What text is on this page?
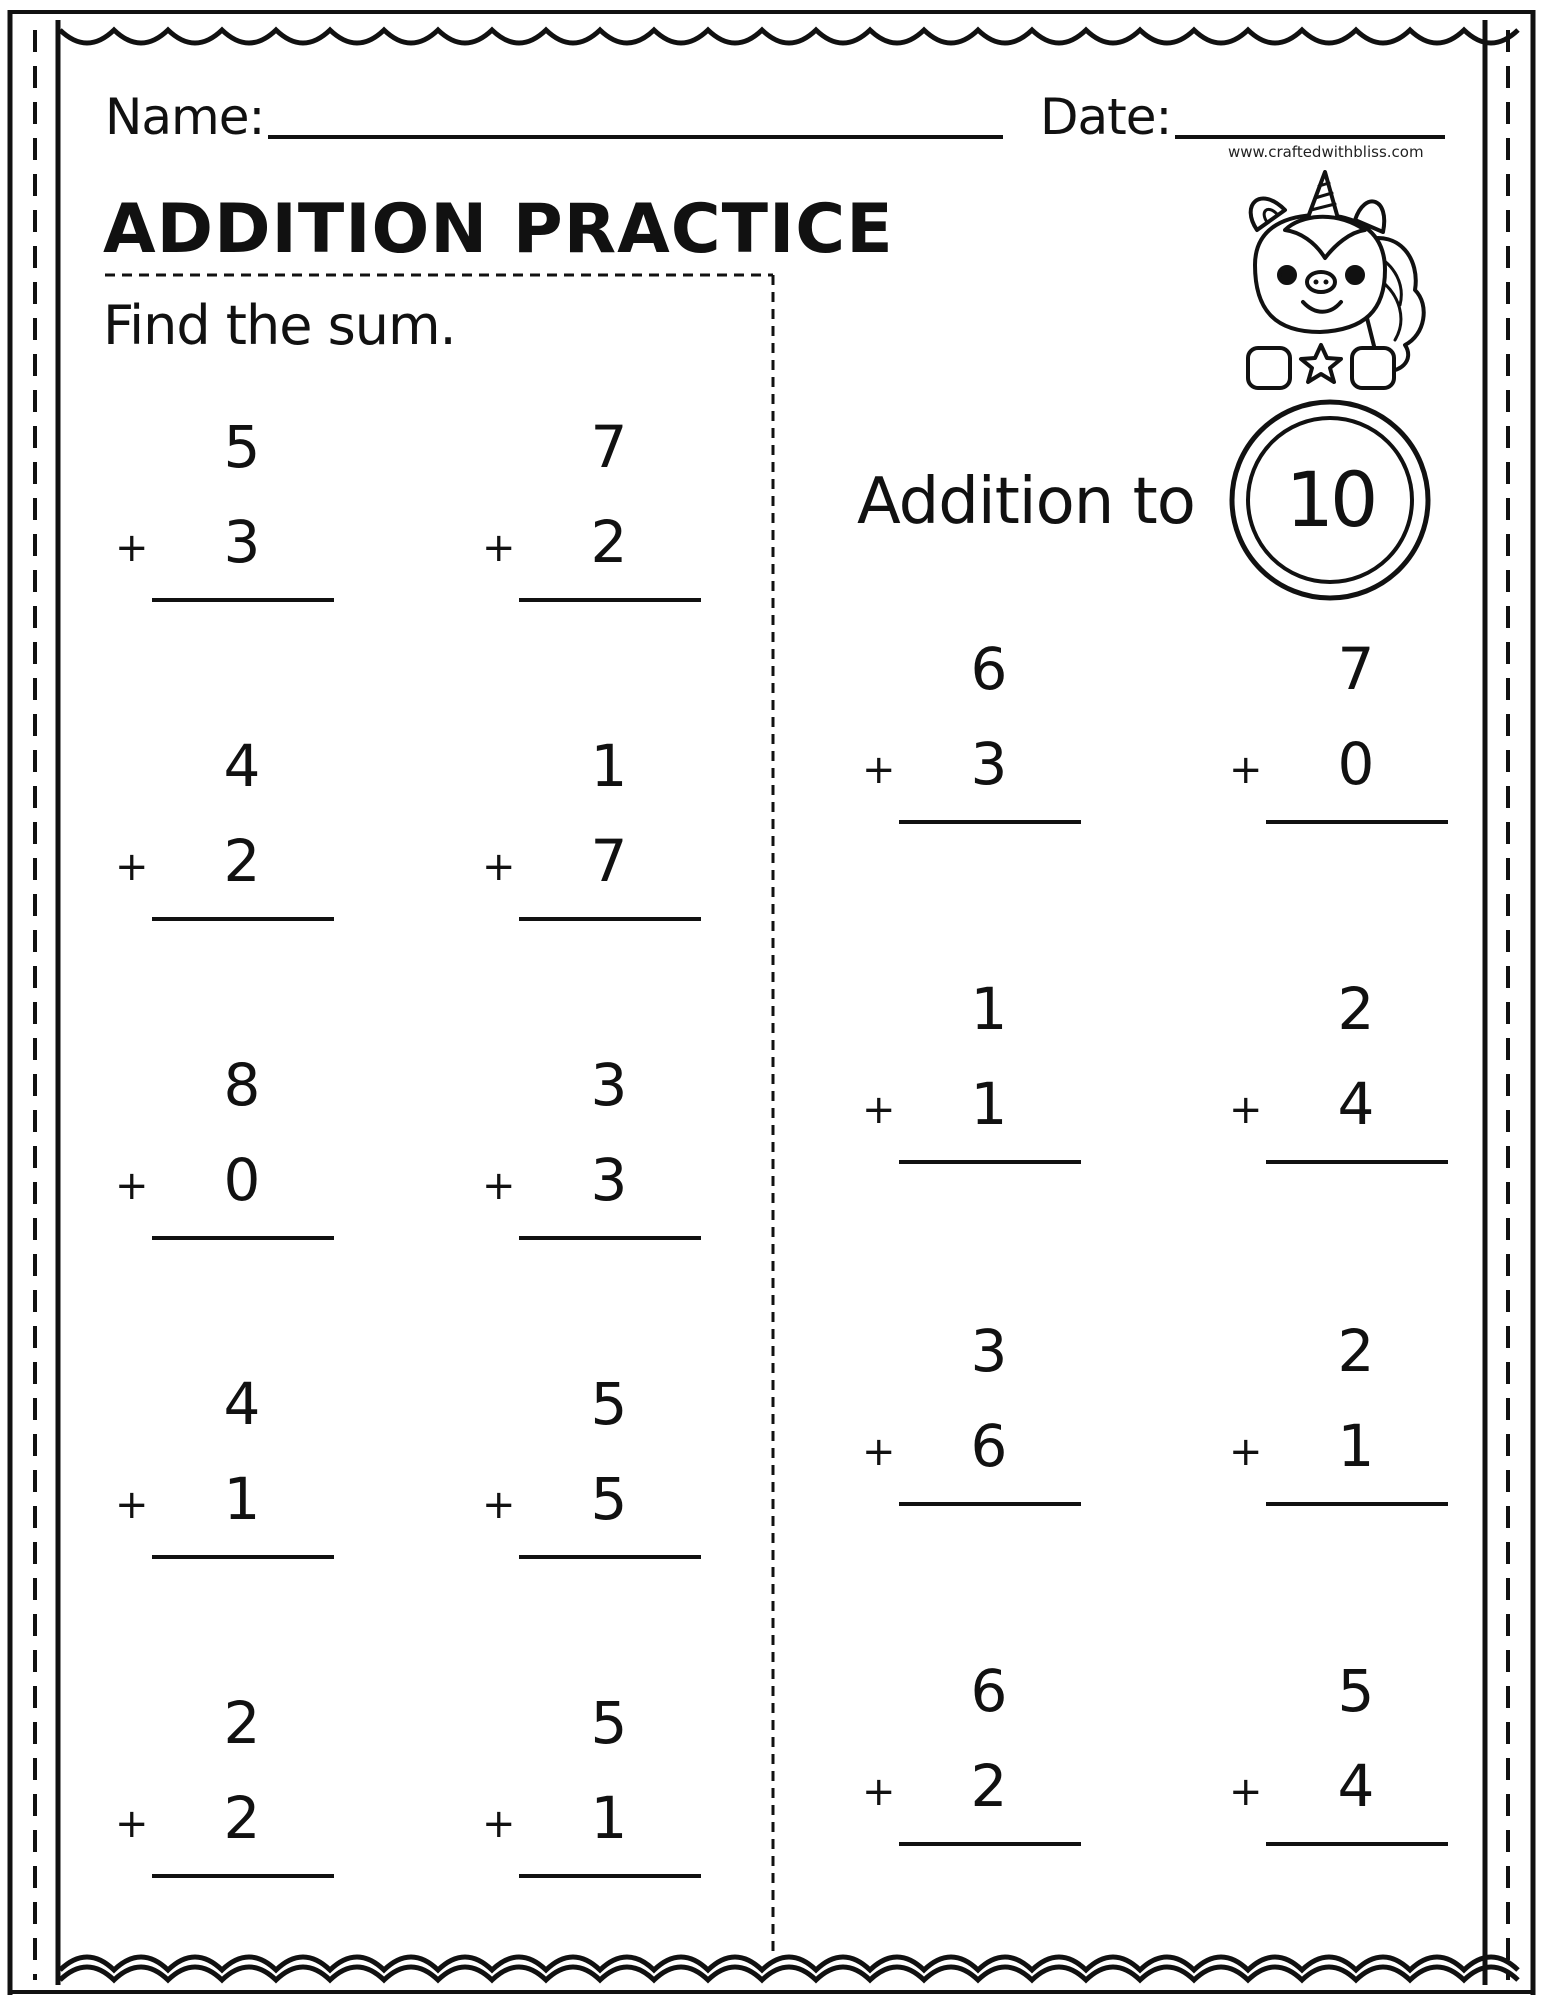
Name:	Date:
www.craftedwithbliss.com
ADDITION PRACTICE
Find the sum.
Addition to 10
5
+	3
7
+	2
4
+	2
1
+	7
8
+	0
3
+	3
4
+	1
5
+	5
2
+	2
5
+	1
6
+	3
7
+	0
1
+	1
2
+	4
3
+	6
2
+	1
6
+	2
5
+	4
